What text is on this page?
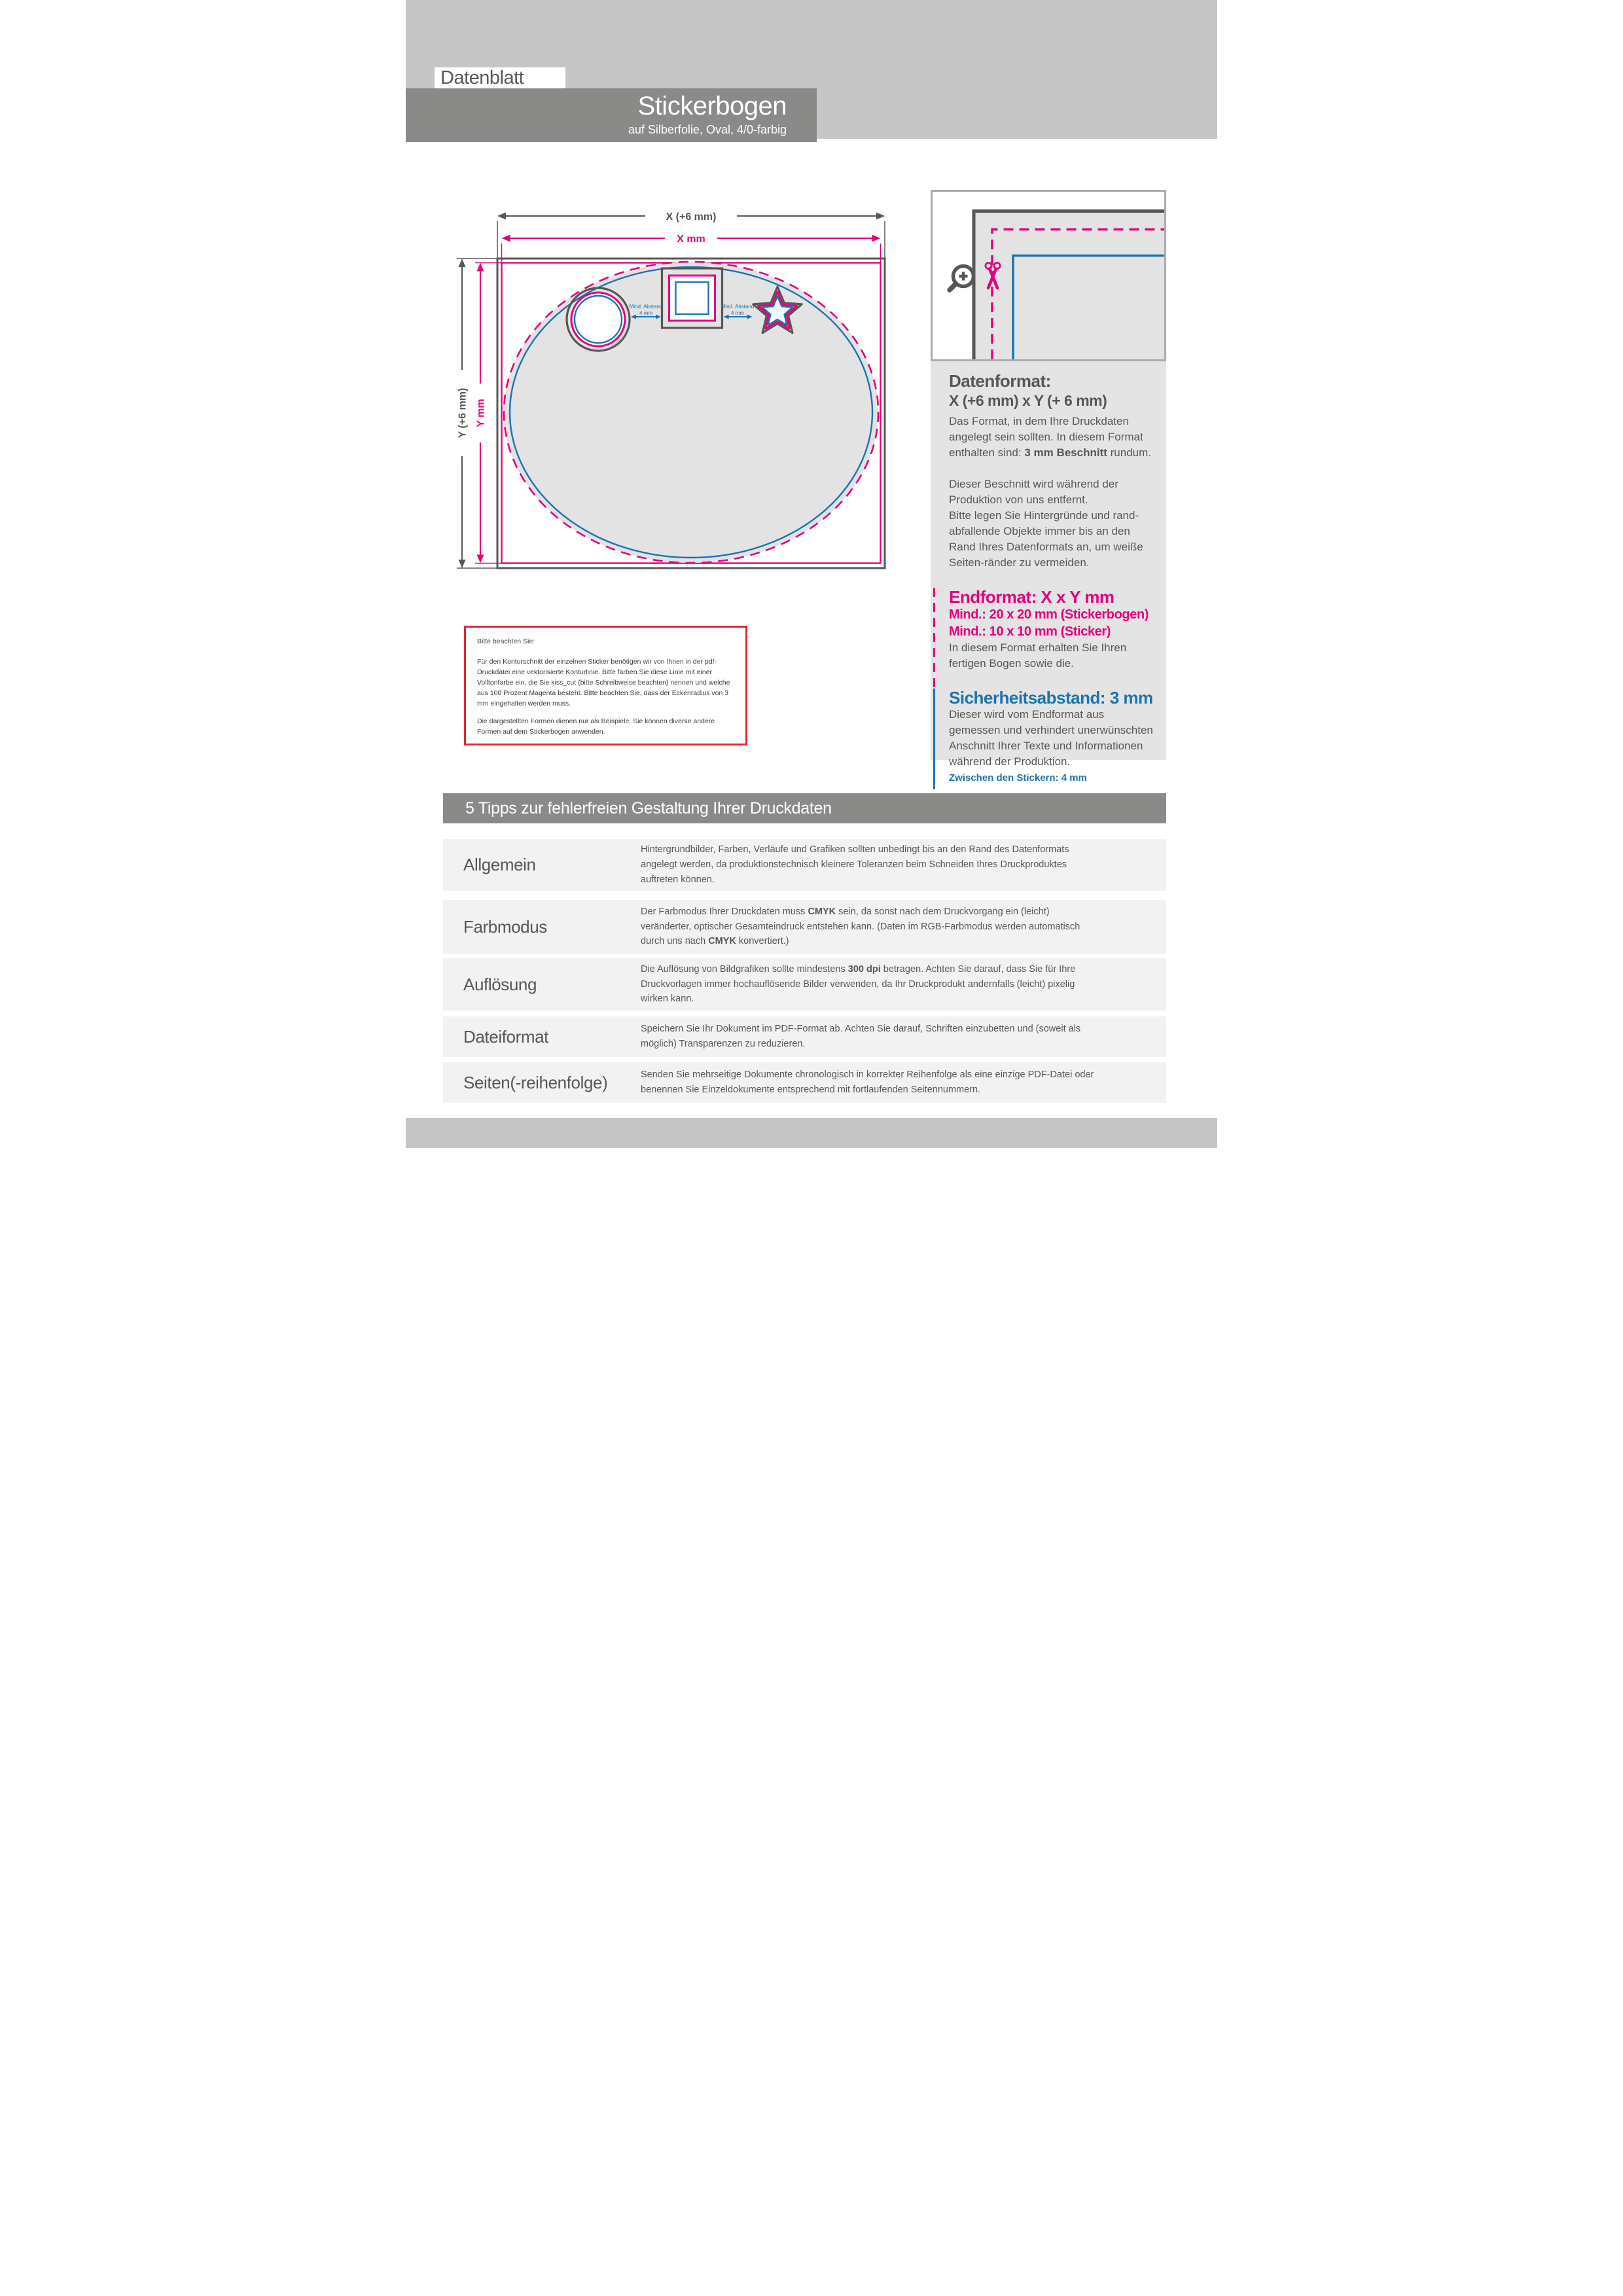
Datenblatt
Stickerbogen
auf Silberfolie, Oval, 4/0-farbig
Mind. Abstand
4 mm
Mind. Abstand
4 mm
X (+6 mm)
X mm
Y (+6 mm) Y mm
Datenformat:
X (+6 mm) x Y (+ 6 mm)

Das Format, in dem Ihre Druckdaten angelegt sein sollten. In diesem Format enthalten sind: 3 mm Beschnitt rundum.

Dieser Beschnitt wird während der Produktion von uns entfernt.

Bitte legen Sie Hintergründe und rand-abfallende Objekte immer bis an den Rand Ihres Datenformats an, um weiße Seiten-ränder zu vermeiden.

Endformat: X x Y mm
Mind.: 20 x 20 mm (Stickerbogen)
Mind.: 10 x 10 mm (Sticker)

In diesem Format erhalten Sie Ihren fertigen Bogen sowie die.

Sicherheitsabstand: 3 mm

Dieser wird vom Endformat aus gemessen und verhindert unerwünschten Anschnitt Ihrer Texte und Informationen während der Produktion.

Zwischen den Stickern: 4 mm
Bitte beachten Sie:

Für den Konturschnitt der einzelnen Sticker benötigen wir von Ihnen in der pdf-Druckdatei eine vektorisierte Konturlinie. Bitte färben Sie diese Linie mit einer Volltonfarbe ein, die Sie kiss_cut (bitte Schreibweise beachten) nennen und welche aus 100 Prozent Magenta besteht. Bitte beachten Sie, dass der Eckenradius von 3 mm eingehalten werden muss.

Die dargestellten Formen dienen nur als Beispiele. Sie können diverse andere Formen auf dem Stickerbogen anwenden.

5 Tipps zur fehlerfreien Gestaltung Ihrer Druckdaten
Allgemein
Hintergrundbilder, Farben, Verläufe und Grafiken sollten unbedingt bis an den Rand des Datenformats angelegt werden, da produktionstechnisch kleinere Toleranzen beim Schneiden Ihres Druckproduktes auftreten können.
Farbmodus
Der Farbmodus Ihrer Druckdaten muss CMYK sein, da sonst nach dem Druckvorgang ein (leicht) veränderter, optischer Gesamteindruck entstehen kann. (Daten im RGB-Farbmodus werden automatisch durch uns nach CMYK konvertiert.)
Auflösung
Die Auflösung von Bildgrafiken sollte mindestens 300 dpi betragen. Achten Sie darauf, dass Sie für Ihre Druckvorlagen immer hochauflösende Bilder verwenden, da Ihr Druckprodukt andernfalls (leicht) pixelig wirken kann.
Dateiformat	Speichern Sie Ihr Dokument im PDF-Format ab. Achten Sie darauf, Schriften einzubetten und (soweit als möglich) Transparenzen zu reduzieren.
Seiten(-reihenfolge)	Senden Sie mehrseitige Dokumente chronologisch in korrekter Reihenfolge als eine einzige PDF-Datei oder benennen Sie Einzeldokumente entsprechend mit fortlaufenden Seitennummern.
